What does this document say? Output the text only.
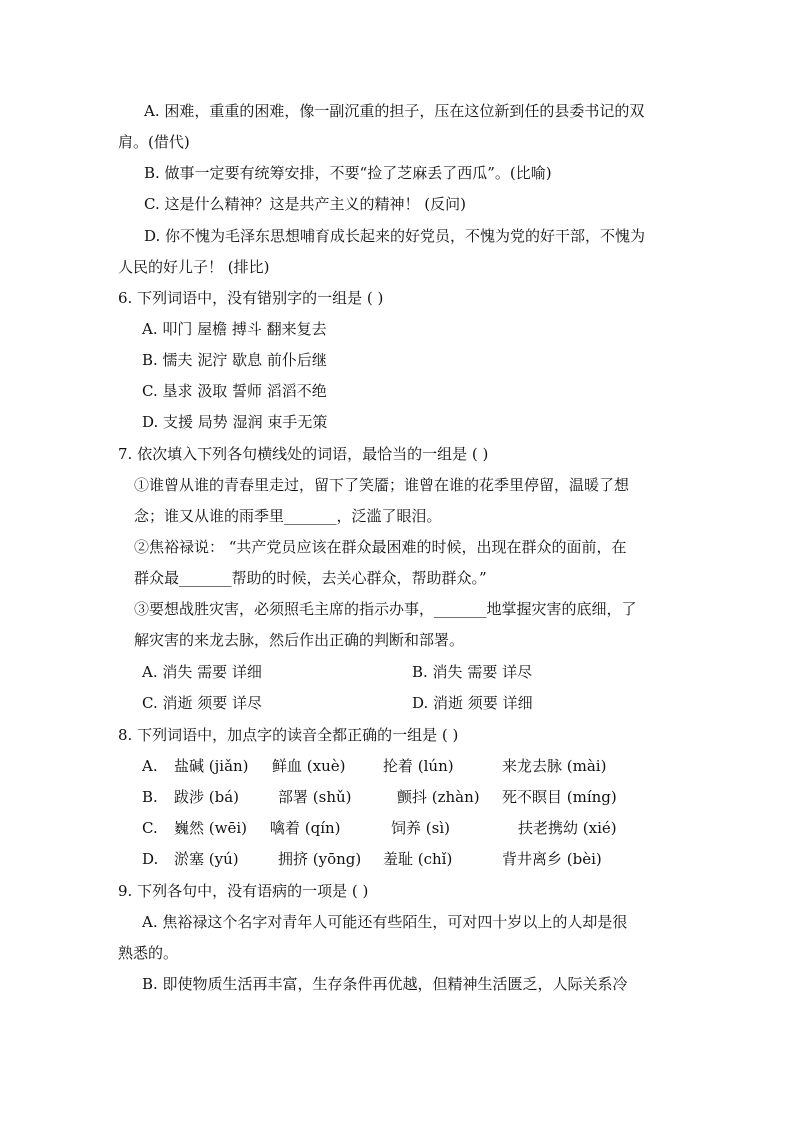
A. 困难，重重的困难，像一副沉重的担子，压在这位新到任的县委书记的双
肩。(借代)
B. 做事一定要有统筹安排，不要“捡了芝麻丢了西瓜”。(比喻)
C. 这是什么精神？这是共产主义的精神！ (反问)
D. 你不愧为毛泽东思想哺育成长起来的好党员，不愧为党的好干部，不愧为
人民的好儿子！ (排比)
6. 下列词语中，没有错别字的一组是 ( )
A. 叩门 屋檐 搏斗 翻来复去
B. 懦夫 泥泞 歇息 前仆后继
C. 垦求 汲取 誓师 滔滔不绝
D. 支援 局势 湿润 束手无策
7. 依次填入下列各句横线处的词语，最恰当的一组是 ( )
①谁曾从谁的青春里走过，留下了笑靥；谁曾在谁的花季里停留，温暖了想
念；谁又从谁的雨季里_______，泛滥了眼泪。
②焦裕禄说： “共产党员应该在群众最困难的时候，出现在群众的面前，在
群众最_______帮助的时候，去关心群众，帮助群众。”
③要想战胜灾害，必须照毛主席的指示办事，_______地掌握灾害的底细，了
解灾害的来龙去脉，然后作出正确的判断和部署。
A. 消失 需要 详细	B. 消失 需要 详尽
C. 消逝 须要 详尽	D. 消逝 须要 详细
8. 下列词语中，加点字的读音全都正确的一组是 ( )
A. 盐碱 (jiǎn) 鲜血 (xuè)	抡着 (lún)	来龙去脉 (mài)
B. 跋涉 (bá)	部署 (shǔ)	颤抖 (zhàn) 死不瞑目 (míng)
C. 巍然 (wēi) 噙着 (qín)	饲养 (sì)	扶老携幼 (xié)
D. 淤塞 (yú)	拥挤 (yōng) 羞耻 (chǐ)	背井离乡 (bèi)
9. 下列各句中，没有语病的一项是 ( )
A. 焦裕禄这个名字对青年人可能还有些陌生，可对四十岁以上的人却是很
熟悉的。
B. 即使物质生活再丰富，生存条件再优越，但精神生活匮乏，人际关系冷
